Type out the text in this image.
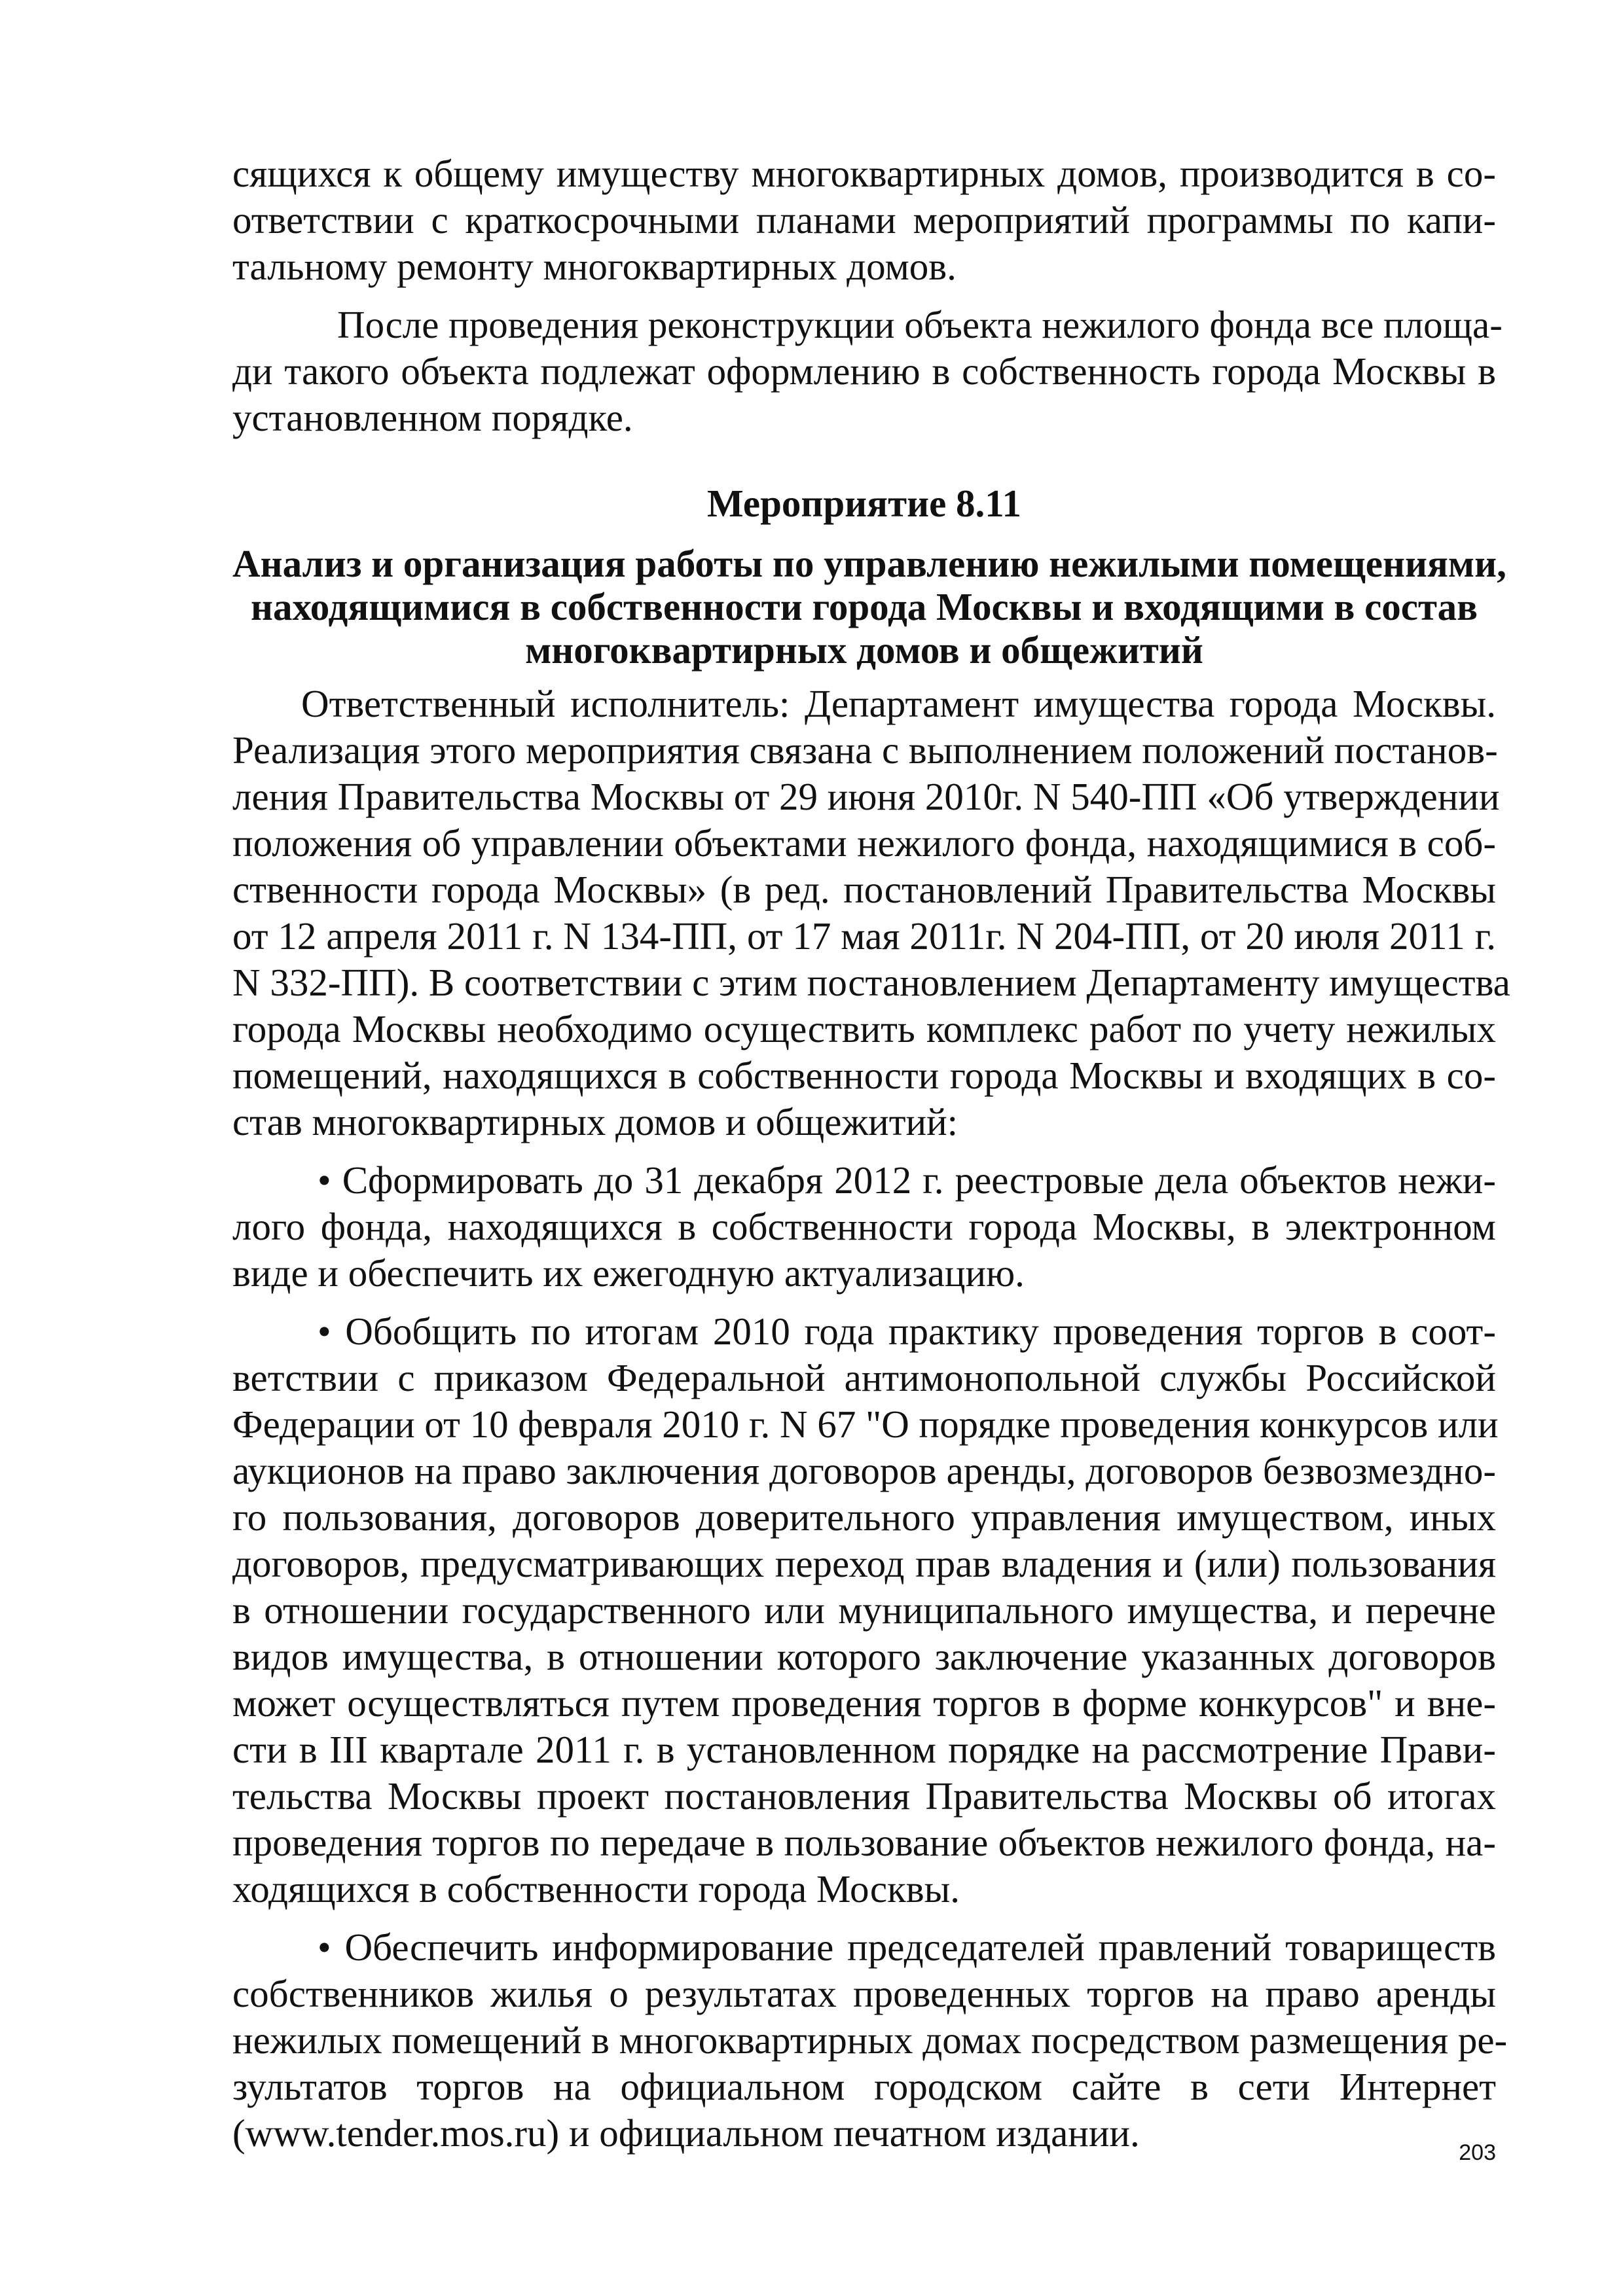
сящихся к общему имуществу многоквартирных домов, производится в со-
ответствии с краткосрочными планами мероприятий программы по капи-
тальному ремонту многоквартирных домов.

После проведения реконструкции объекта нежилого фонда все площа-
ди такого объекта подлежат оформлению в собственность города Москвы в
установленном порядке.

Мероприятие 8.11

Анализ и организация работы по управлению нежилыми помещениями,
находящимися в собственности города Москвы и входящими в состав
многоквартирных домов и общежитий

Ответственный исполнитель: Департамент имущества города Москвы.
Реализация этого мероприятия связана с выполнением положений постанов-
ления Правительства Москвы от 29 июня 2010г. N 540-ПП «Об утверждении
положения об управлении объектами нежилого фонда, находящимися в соб-
ственности города Москвы» (в ред. постановлений Правительства Москвы
от 12 апреля 2011 г. N 134-ПП, от 17 мая 2011г. N 204-ПП, от 20 июля 2011 г.
N 332-ПП). В соответствии с этим постановлением Департаменту имущества
города Москвы необходимо осуществить комплекс работ по учету нежилых
помещений, находящихся в собственности города Москвы и входящих в со-
став многоквартирных домов и общежитий:

• Сформировать до 31 декабря 2012 г. реестровые дела объектов нежи-
лого фонда, находящихся в собственности города Москвы, в электронном
виде и обеспечить их ежегодную актуализацию.

• Обобщить по итогам 2010 года практику проведения торгов в соот-
ветствии с приказом Федеральной антимонопольной службы Российской
Федерации от 10 февраля 2010 г. N 67 "О порядке проведения конкурсов или
аукционов на право заключения договоров аренды, договоров безвозмездно-
го пользования, договоров доверительного управления имуществом, иных
договоров, предусматривающих переход прав владения и (или) пользования
в отношении государственного или муниципального имущества, и перечне
видов имущества, в отношении которого заключение указанных договоров
может осуществляться путем проведения торгов в форме конкурсов" и вне-
сти в III квартале 2011 г. в установленном порядке на рассмотрение Прави-
тельства Москвы проект постановления Правительства Москвы об итогах
проведения торгов по передаче в пользование объектов нежилого фонда, на-
ходящихся в собственности города Москвы.

• Обеспечить информирование председателей правлений товариществ
собственников жилья о результатах проведенных торгов на право аренды
нежилых помещений в многоквартирных домах посредством размещения ре-
зультатов торгов на официальном городском сайте в сети Интернет
(www.tender.mos.ru) и официальном печатном издании.	203
